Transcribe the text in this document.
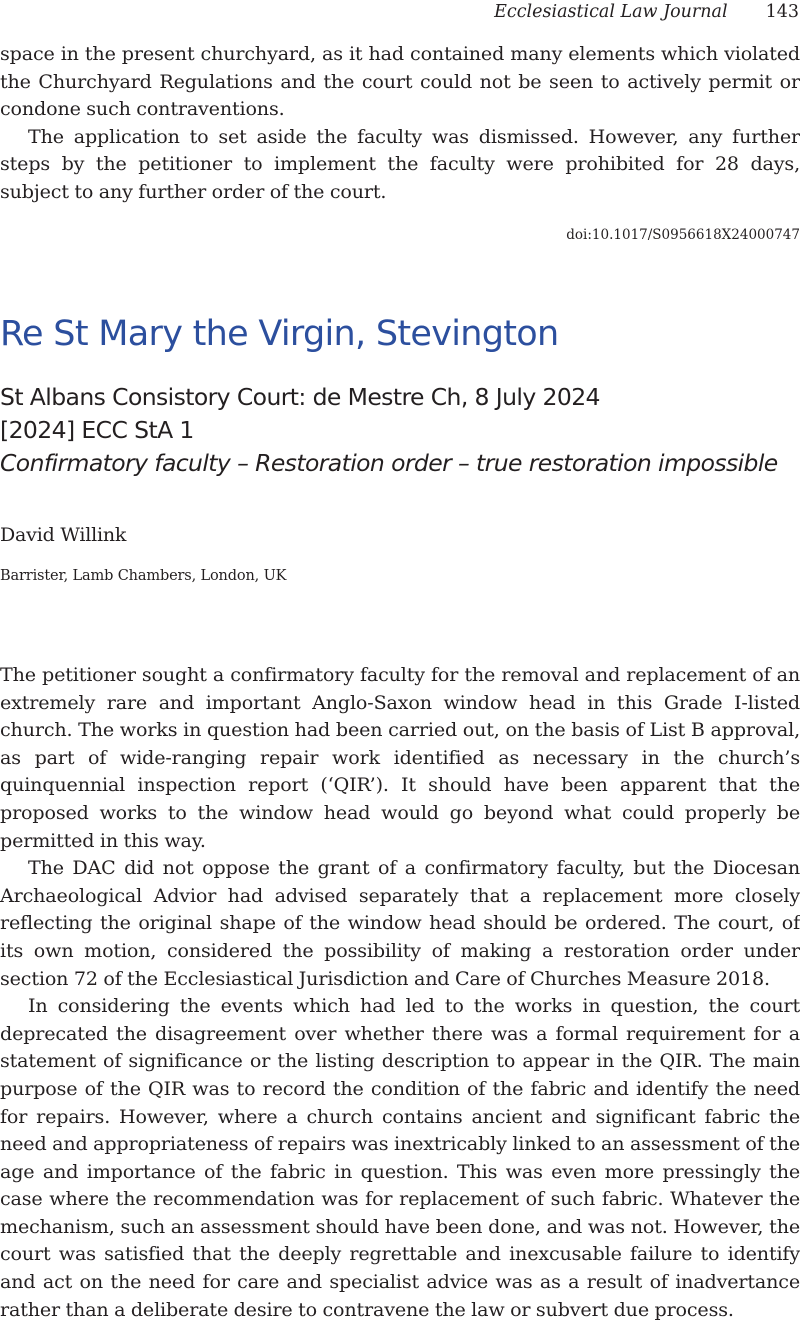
Ecclesiastical Law Journal 143

space in the present churchyard, as it had contained many elements which violated the Churchyard Regulations and the court could not be seen to actively permit or condone such contraventions.

The application to set aside the faculty was dismissed. However, any further steps by the petitioner to implement the faculty were prohibited for 28 days, subject to any further order of the court.

doi:10.1017/S0956618X24000747
Re St Mary the Virgin, Stevington
St Albans Consistory Court: de Mestre Ch, 8 July 2024
[2024] ECC StA 1
Confirmatory faculty – Restoration order – true restoration impossible
David Willink
Barrister, Lamb Chambers, London, UK

The petitioner sought a confirmatory faculty for the removal and replacement of an extremely rare and important Anglo-Saxon window head in this Grade I-listed church. The works in question had been carried out, on the basis of List B approval, as part of wide-ranging repair work identified as necessary in the church’s quinquennial inspection report (‘QIR’). It should have been apparent that the proposed works to the window head would go beyond what could properly be permitted in this way.

The DAC did not oppose the grant of a confirmatory faculty, but the Diocesan Archaeological Advior had advised separately that a replacement more closely reflecting the original shape of the window head should be ordered. The court, of its own motion, considered the possibility of making a restoration order under section 72 of the Ecclesiastical Jurisdiction and Care of Churches Measure 2018.

In considering the events which had led to the works in question, the court deprecated the disagreement over whether there was a formal requirement for a statement of significance or the listing description to appear in the QIR. The main purpose of the QIR was to record the condition of the fabric and identify the need for repairs. However, where a church contains ancient and significant fabric the need and appropriateness of repairs was inextricably linked to an assessment of the age and importance of the fabric in question. This was even more pressingly the case where the recommendation was for replacement of such fabric. Whatever the mechanism, such an assessment should have been done, and was not. However, the court was satisfied that the deeply regrettable and inexcusable failure to identify and act on the need for care and specialist advice was as a result of inadvertance rather than a deliberate desire to contravene the law or subvert due process.
